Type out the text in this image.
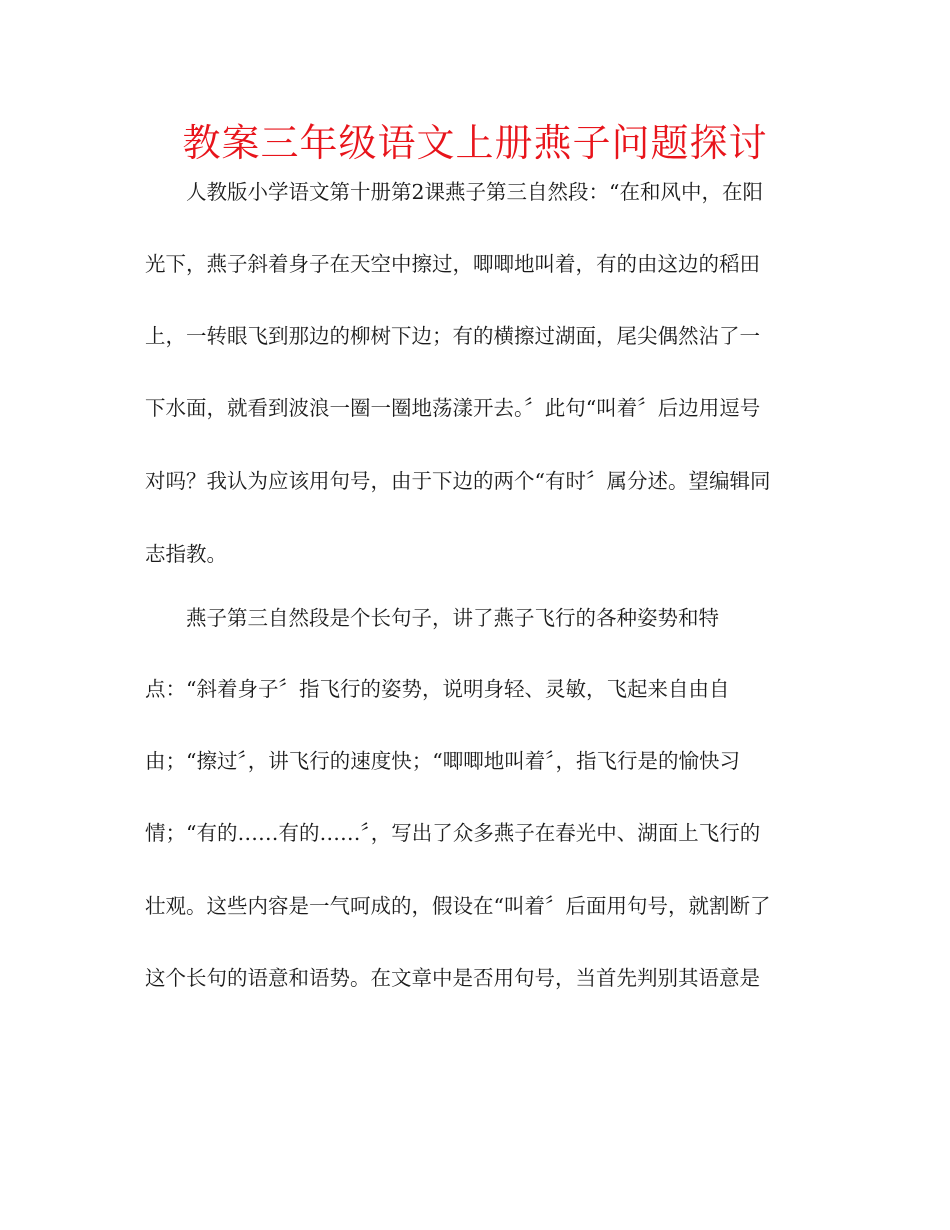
教案三年级语文上册燕子问题探讨
人教版小学语文第十册第2课燕子第三自然段：“在和风中，在阳
光下，燕子斜着身子在天空中擦过，唧唧地叫着，有的由这边的稻田
上，一转眼飞到那边的柳树下边；有的横擦过湖面，尾尖偶然沾了一
下水面，就看到波浪一圈一圈地荡漾开去。〞此句“叫着〞后边用逗号
对吗？我认为应该用句号，由于下边的两个“有时〞属分述。望编辑同
志指教。
燕子第三自然段是个长句子，讲了燕子飞行的各种姿势和特
点：“斜着身子〞指飞行的姿势，说明身轻、灵敏，飞起来自由自
由；“擦过〞，讲飞行的速度快；“唧唧地叫着〞，指飞行是的愉快习
情；“有的……有的……〞，写出了众多燕子在春光中、湖面上飞行的
壮观。这些内容是一气呵成的，假设在“叫着〞后面用句号，就割断了
这个长句的语意和语势。在文章中是否用句号，当首先判别其语意是
